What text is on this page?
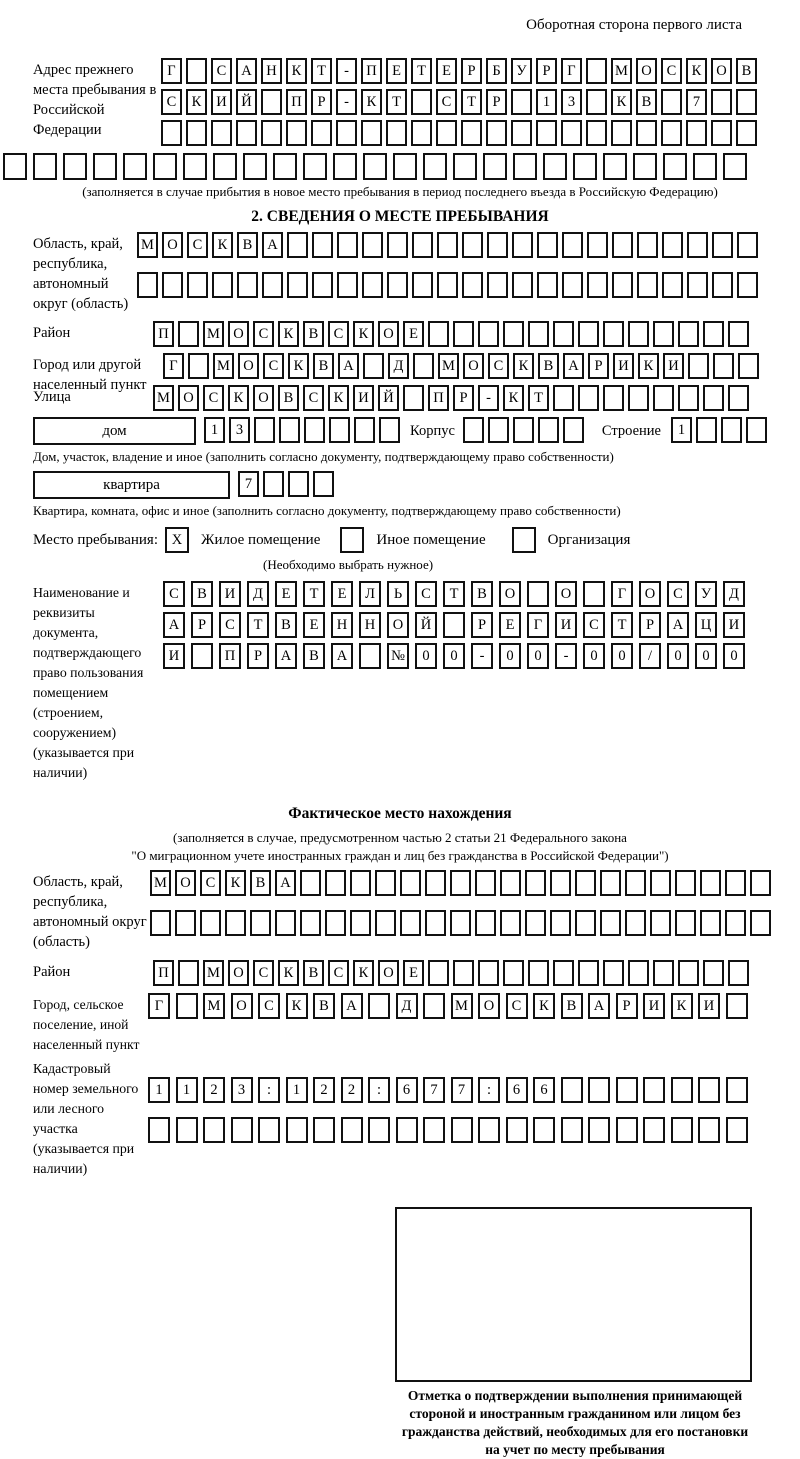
Оборотная сторона первого листа
Адрес прежнего места пребывания в Российской Федерации
Г	С	А	Н	К	Т	-	П	Е	Т	Е	Р	Б	У	Р	Г	М О	С	К	О	В
С	К	И	Й	П	Р	-	К	Т	С	Т	Р	1	3	К	В	7

(заполняется в случае прибытия в новое место пребывания в период последнего въезда в Российскую Федерацию)

2. СВЕДЕНИЯ О МЕСТЕ ПРЕБЫВАНИЯ
Область, край, республика, автономный округ (область)
М О	С	К	В	А
Район	П	М О	С	К	В	С	К	О	Е
Город или другой населенный пункт
Г	М О	С	К	В	А	Д	М О	С	К	В	А	Р	И	К	И
Улица	М О	С	К	О	В	С	К	И	Й	П	Р	-	К	Т
дом	1	3	Корпус	Строение	1

Дом, участок, владение и иное (заполнить согласно документу, подтверждающему право собственности)

квартира	7

Квартира, комната, офис и иное (заполнить согласно документу, подтверждающему право собственности)

Место пребывания: X	Жилое помещение	Иное помещение	Организация

(Необходимо выбрать нужное)

Наименование и реквизиты документа, подтверждающего право пользования помещением (строением, сооружением) (указывается при наличии)
С	В	И	Д	Е	Т	Е	Л	Ь	С	Т	В	О	О	Г	О	С	У	Д
А	Р	С	Т	В	Е	Н	Н	О	Й	Р	Е	Г	И	С	Т	Р	А	Ц	И
И	П	Р	А	В	А	№	0	0	-	0	0	-	0	0	/	0	0	0
Фактическое место нахождения

(заполняется в случае, предусмотренном частью 2 статьи 21 Федерального закона

"О миграционном учете иностранных граждан и лиц без гражданства в Российской Федерации")

Область, край, республика, автономный округ (область)
М О	С	К	В	А
Район	П	М О	С	К	В	С	К	О	Е
Город, сельское поселение, иной населенный пункт
Г	М	О	С	К	В	А	Д	М	О	С	К	В	А	Р	И	К	И
Кадастровый номер земельного или лесного участка (указывается при наличии)
1	1	2	3	:	1	2	2	:	6	7	7	:	6	6

Отметка о подтверждении выполнения принимающей стороной и иностранным гражданином или лицом без гражданства действий, необходимых для его постановки на учет по месту пребывания
